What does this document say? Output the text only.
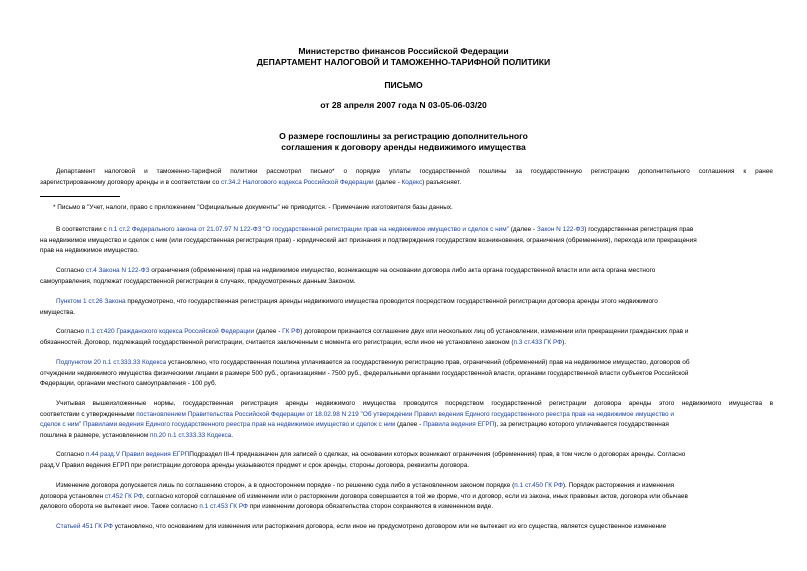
Министерство финансов Российской Федерации
ДЕПАРТАМЕНТ НАЛОГОВОЙ И ТАМОЖЕННО-ТАРИФНОЙ ПОЛИТИКИ
ПИСЬМО
от 28 апреля 2007 года N 03-05-06-03/20
О размере госпошлины за регистрацию дополнительного
соглашения к договору аренды недвижимого имущества
Департамент налоговой и таможенно-тарифной политики рассмотрел письмо* о порядке уплаты государственной пошлины за государственную регистрацию дополнительного соглашения к ранее
зарегистрированному договору аренды и в соответствии со ст.34.2 Налогового кодекса Российской Федерации (далее - Кодекс) разъясняет.
* Письмо в "Учет, налоги, право с приложением "Официальные документы" не приводится. - Примечание изготовителя базы данных.
В соответствии с п.1 ст.2 Федерального закона от 21.07.97 N 122-ФЗ "О государственной регистрации прав на недвижимое имущество и сделок с ним" (далее - Закон N 122-ФЗ) государственная регистрация прав
на недвижимое имущество и сделок с ним (или государственная регистрация прав) - юридический акт признания и подтверждения государством возникновения, ограничения (обременения), перехода или прекращения
прав на недвижимое имущество.
Согласно ст.4 Закона N 122-ФЗ ограничения (обременения) прав на недвижимое имущество, возникающие на основании договора либо акта органа государственной власти или акта органа местного
самоуправления, подлежат государственной регистрации в случаях, предусмотренных данным Законом.
Пунктом 1 ст.26 Закона предусмотрено, что государственная регистрация аренды недвижимого имущества проводится посредством государственной регистрации договора аренды этого недвижимого
имущества.
Согласно п.1 ст.420 Гражданского кодекса Российской Федерации (далее - ГК РФ) договором признается соглашение двух или нескольких лиц об установлении, изменении или прекращении гражданских прав и
обязанностей. Договор, подлежащий государственной регистрации, считается заключенным с момента его регистрации, если иное не установлено законом (п.3 ст.433 ГК РФ).
Подпунктом 20 п.1 ст.333.33 Кодекса установлено, что государственная пошлина уплачивается за государственную регистрацию прав, ограничений (обременений) прав на недвижимое имущество, договоров об
отчуждении недвижимого имущества физическими лицами в размере 500 руб., организациями - 7500 руб., федеральными органами государственной власти, органами государственной власти субъектов Российской
Федерации, органами местного самоуправления - 100 руб.
Учитывая вышеизложенные нормы, государственная регистрация аренды недвижимого имущества проводится посредством государственной регистрации договора аренды этого недвижимого имущества в
соответствии с утвержденными постановлением Правительства Российской Федерации от 18.02.98 N 219 "Об утверждении Правил ведения Единого государственного реестра прав на недвижимое имущество и
сделок с ним" Правилами ведения Единого государственного реестра прав на недвижимое имущество и сделок с ним (далее - Правила ведения ЕГРП), за регистрацию которого уплачивается государственная
пошлина в размере, установленном пп.20 п.1 ст.333.33 Кодекса.
Согласно п.44 разд.V Правил ведения ЕГРППодраздел III-4 предназначен для записей о сделках, на основании которых возникают ограничения (обременения) прав, в том числе о договорах аренды. Согласно
разд.V Правил ведения ЕГРП при регистрации договора аренды указываются предмет и срок аренды, стороны договора, реквизиты договора.
Изменение договора допускается лишь по соглашению сторон, а в одностороннем порядке - по решению суда либо в установленном законом порядке (п.1 ст.450 ГК РФ). Порядок расторжения и изменения
договора установлен ст.452 ГК РФ, согласно которой соглашение об изменении или о расторжении договора совершается в той же форме, что и договор, если из закона, иных правовых актов, договора или обычаев
делового оборота не вытекает иное. Также согласно п.1 ст.453 ГК РФ при изменении договора обязательства сторон сохраняются в измененном виде.
Статьей 451 ГК РФ установлено, что основанием для изменения или расторжения договора, если иное не предусмотрено договором или не вытекает из его существа, является существенное изменение
